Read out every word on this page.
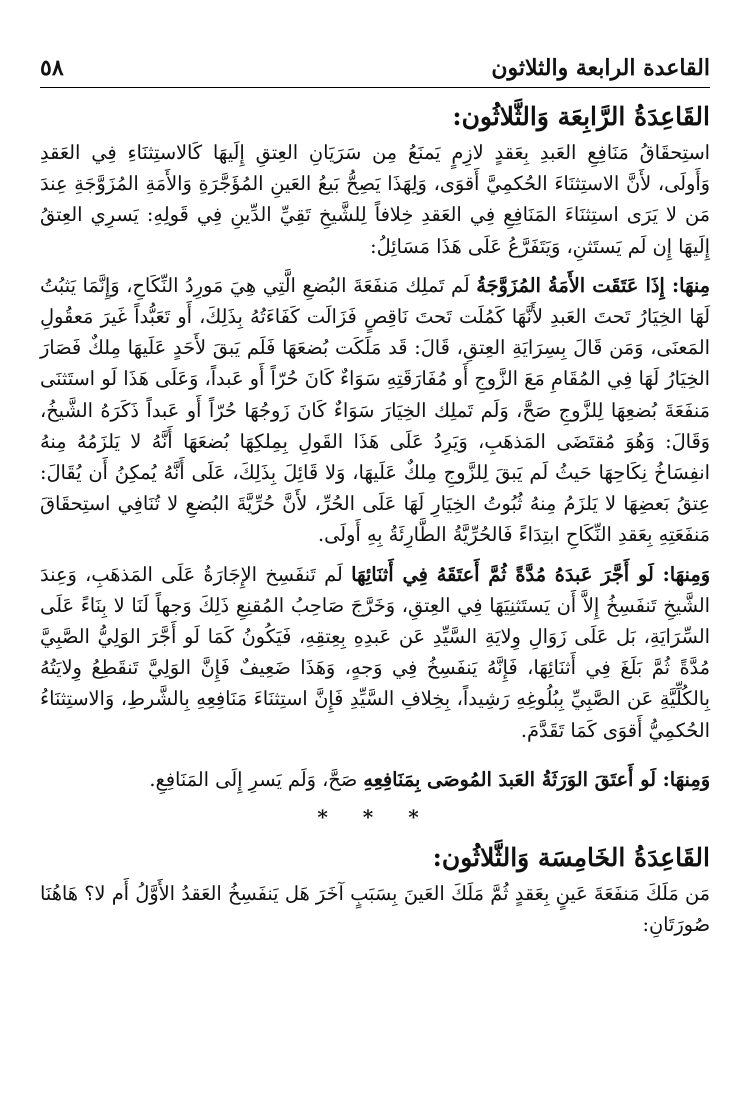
القاعدة الرابعة والثلاثون
٥٨
القَاعِدَةُ الرَّابِعَة وَالثَّلاثُون:

استِحقَاقُ مَنَافِعِ العَبدِ بِعَقدٍ لازِمٍ يَمنَعُ مِن سَرَيَانِ العِتقِ إِلَيهَا كَالاستِثنَاءِ فِي العَقدِ وَأَولَى، لأَنَّ الاستِثنَاءَ الحُكمِيَّ أَقوَى، وَلِهَذَا يَصِحُّ بَيعُ العَينِ المُؤَجَّرَةِ وَالأَمَةِ المُزَوَّجَةِ عِندَ مَن لا يَرَى استِثنَاءَ المَنَافِعِ فِي العَقدِ خِلافاً لِلشَّيخِ تَقِيِّ الدِّينِ فِي قَولِهِ: يَسرِي العِتقُ إِلَيهَا إِن لَم يَستَثنِ، وَيَتَفَرَّعُ عَلَى هَذَا مَسَائِلُ:

مِنهَا: إِذَا عَتَقَت الأَمَةُ المُزَوَّجَةُ لَم تَملِك مَنفَعَةَ البُضعِ الَّتِي هِيَ مَورِدُ النِّكَاحِ، وَإِنَّمَا يَثبُتُ لَهَا الخِيَارُ تَحتَ العَبدِ لأَنَّهَا كَمُلَت تَحتَ نَاقِصٍ فَزَالَت كَفَاءَتُهُ بِذَلِكَ، أَو تَعَبُّداً غَيرَ مَعقُولِ المَعنَى، وَمَن قَالَ بِسِرَايَةِ العِتقِ، قَالَ: قَد مَلَكَت بُضعَهَا فَلَم يَبقَ لأَحَدٍ عَلَيهَا مِلكٌ فَصَارَ الخِيَارُ لَهَا فِي المُقَامِ مَعَ الزَّوجِ أَو مُفَارَقَتِهِ سَوَاءٌ كَانَ حُرّاً أَو عَبداً، وَعَلَى هَذَا لَو استَثنَى مَنفَعَةَ بُضعِهَا لِلزَّوجِ صَحَّ، وَلَم تَملِك الخِيَارَ سَوَاءٌ كَانَ زَوجُهَا حُرّاً أَو عَبداً ذَكَرَهُ الشَّيخُ، وَقَالَ: وَهُوَ مُقتَضَى المَذهَبِ، وَيَرِدُ عَلَى هَذَا القَولِ بِمِلكِهَا بُضعَهَا أَنَّهُ لا يَلزَمُهُ مِنهُ انفِسَاخُ نِكَاحِهَا حَيثُ لَم يَبقَ لِلزَّوجِ مِلكٌ عَلَيهَا، وَلا قَائِلَ بِذَلِكَ، عَلَى أَنَّهُ يُمكِنُ أَن يُقَالَ: عِتقُ بَعضِهَا لا يَلزَمُ مِنهُ ثُبُوتُ الخِيَارِ لَهَا عَلَى الحُرِّ، لأَنَّ حُرِّيَّةَ البُضعِ لا تُنَافِي استِحقَاقَ مَنفَعَتِهِ بِعَقدِ النِّكَاحِ ابتِدَاءً فَالحُرِّيَّةُ الطَّارِئَةُ بِهِ أَولَى.

وَمِنهَا: لَو أَجَّرَ عَبدَهُ مُدَّةً ثُمَّ أَعتَقَهُ فِي أَثنَائِهَا لَم تَنفَسِخ الإِجَارَةُ عَلَى المَذهَبِ، وَعِندَ الشَّيخِ تَنفَسِخُ إِلاَّ أَن يَستَثنِيَهَا فِي العِتقِ، وَخَرَّجَ صَاحِبُ المُقنِعِ ذَلِكَ وَجهاً لَنَا لا بِنَاءً عَلَى السِّرَايَةِ، بَل عَلَى زَوَالِ وِلايَةِ السَّيِّدِ عَن عَبدِهِ بِعِتقِهِ، فَيَكُونُ كَمَا لَو أَجَّرَ الوَلِيُّ الصَّبِيَّ مُدَّةً ثُمَّ بَلَغَ فِي أَثنَائِهَا، فَإِنَّهُ يَنفَسِخُ فِي وَجهٍ، وَهَذَا ضَعِيفٌ فَإِنَّ الوَلِيَّ تَنقَطِعُ وِلايَتُهُ بِالكُلِّيَّةِ عَن الصَّبِيِّ بِبُلُوغِهِ رَشِيداً، بِخِلافِ السَّيِّدِ فَإِنَّ استِثنَاءَ مَنَافِعِهِ بِالشَّرطِ، وَالاستِثنَاءُ الحُكمِيُّ أَقوَى كَمَا تَقَدَّمَ.

وَمِنهَا: لَو أَعتَقَ الوَرَثَةُ العَبدَ المُوصَى بِمَنَافِعِهِ صَحَّ، وَلَم يَسرِ إِلَى المَنَافِعِ.

* * *
القَاعِدَةُ الخَامِسَة وَالثَّلاثُون:

مَن مَلَكَ مَنفَعَةَ عَينٍ بِعَقدٍ ثُمَّ مَلَكَ العَينَ بِسَبَبٍ آخَرَ هَل يَنفَسِخُ العَقدُ الأَوَّلُ أَم لا؟ هَاهُنَا صُورَتَانِ:
